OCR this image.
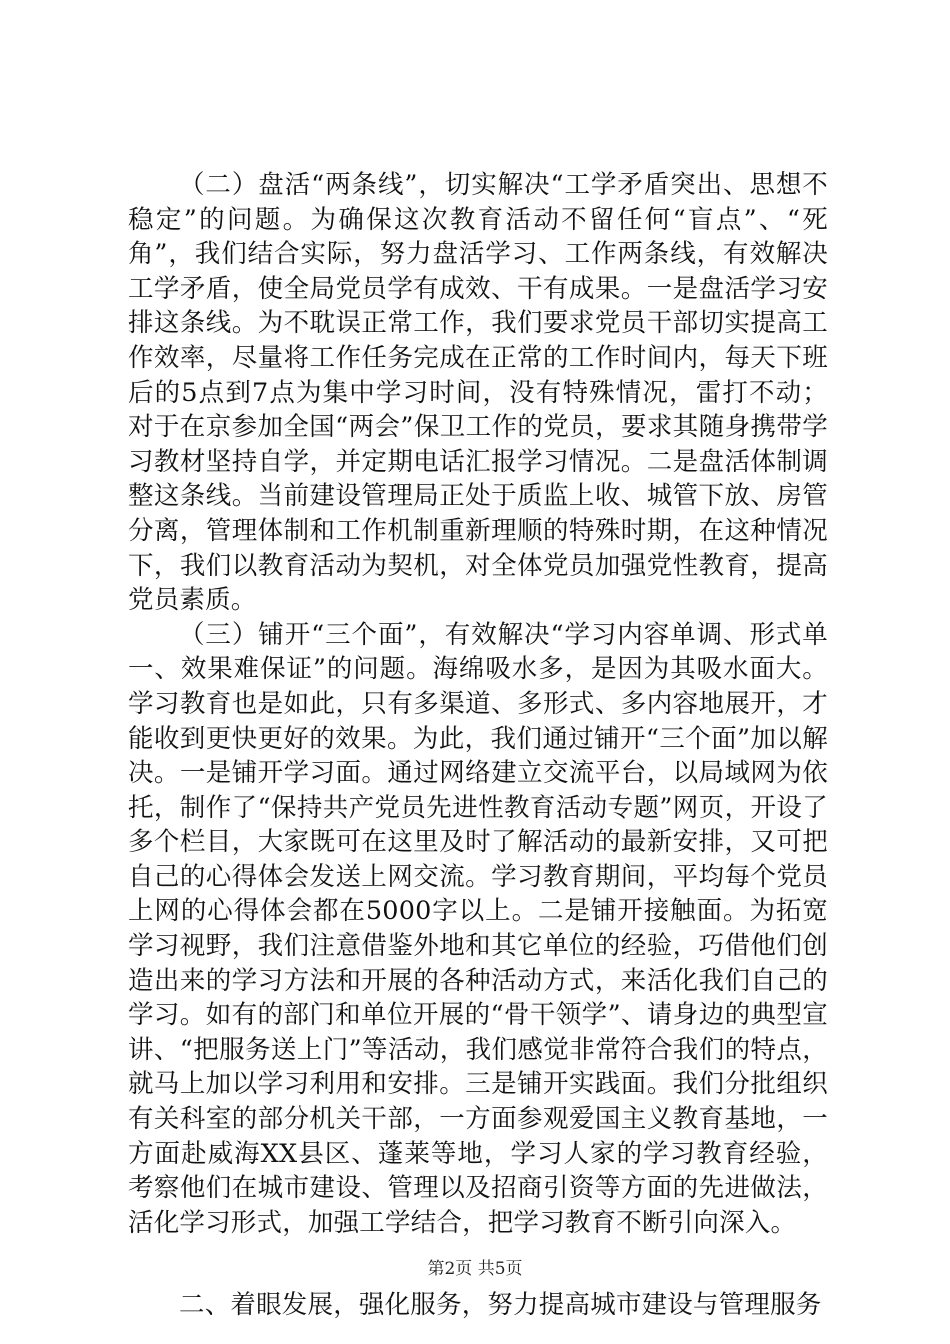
（二）盘活“两条线”，切实解决“工学矛盾突出、思想不稳定”的问题。为确保这次教育活动不留任何“盲点”、“死角”，我们结合实际，努力盘活学习、工作两条线，有效解决工学矛盾，使全局党员学有成效、干有成果。一是盘活学习安排这条线。为不耽误正常工作，我们要求党员干部切实提高工作效率，尽量将工作任务完成在正常的工作时间内，每天下班后的5点到7点为集中学习时间，没有特殊情况，雷打不动；对于在京参加全国“两会”保卫工作的党员，要求其随身携带学习教材坚持自学，并定期电话汇报学习情况。二是盘活体制调整这条线。当前建设管理局正处于质监上收、城管下放、房管分离，管理体制和工作机制重新理顺的特殊时期，在这种情况下，我们以教育活动为契机，对全体党员加强党性教育，提高党员素质。

（三）铺开“三个面”，有效解决“学习内容单调、形式单一、效果难保证”的问题。海绵吸水多，是因为其吸水面大。学习教育也是如此，只有多渠道、多形式、多内容地展开，才能收到更快更好的效果。为此，我们通过铺开“三个面”加以解决。一是铺开学习面。通过网络建立交流平台，以局域网为依托，制作了“保持共产党员先进性教育活动专题”网页，开设了多个栏目，大家既可在这里及时了解活动的最新安排，又可把自己的心得体会发送上网交流。学习教育期间，平均每个党员上网的心得体会都在5000字以上。二是铺开接触面。为拓宽学习视野，我们注意借鉴外地和其它单位的经验，巧借他们创造出来的学习方法和开展的各种活动方式，来活化我们自己的学习。如有的部门和单位开展的“骨干领学”、请身边的典型宣讲、“把服务送上门”等活动，我们感觉非常符合我们的特点，就马上加以学习利用和安排。三是铺开实践面。我们分批组织有关科室的部分机关干部，一方面参观爱国主义教育基地，一方面赴威海XX县区、蓬莱等地，学习人家的学习教育经验，考察他们在城市建设、管理以及招商引资等方面的先进做法，活化学习形式，加强工学结合，把学习教育不断引向深入。

二、着眼发展，强化服务，努力提高城市建设与管理服务

第2页 共5页
